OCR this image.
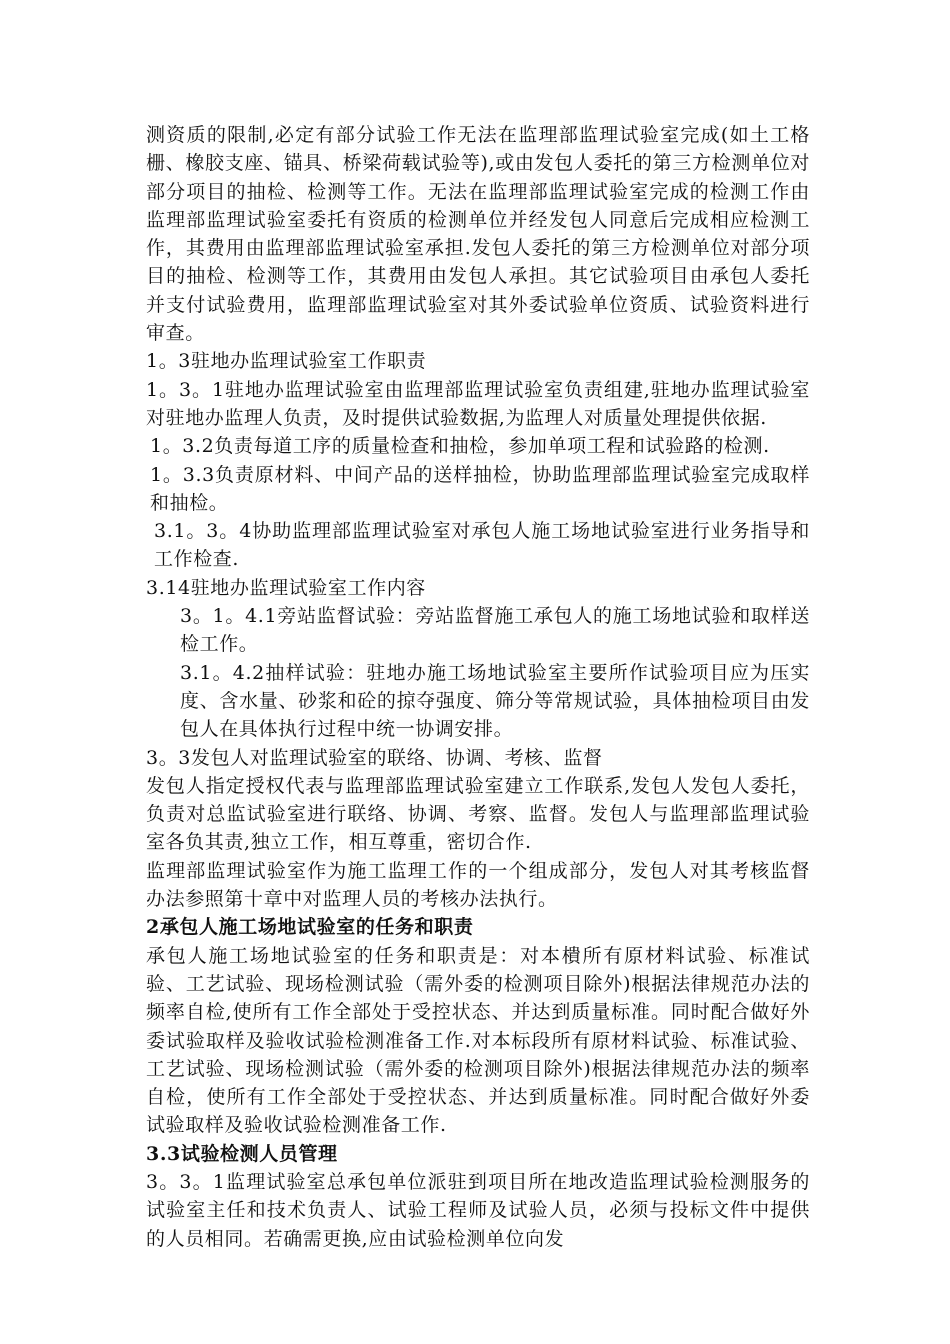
测资质的限制,必定有部分试验工作无法在监理部监理试验室完成(如土工格栅、橡胶支座、锚具、桥梁荷载试验等),或由发包人委托的第三方检测单位对部分项目的抽检、检测等工作。无法在监理部监理试验室完成的检测工作由监理部监理试验室委托有资质的检测单位并经发包人同意后完成相应检测工作，其费用由监理部监理试验室承担.发包人委托的第三方检测单位对部分项目的抽检、检测等工作，其费用由发包人承担。其它试验项目由承包人委托并支付试验费用，监理部监理试验室对其外委试验单位资质、试验资料进行审查。

1。3驻地办监理试验室工作职责

1。3。1驻地办监理试验室由监理部监理试验室负责组建,驻地办监理试验室对驻地办监理人负责，及时提供试验数据,为监理人对质量处理提供依据.

1。3.2负责每道工序的质量检查和抽检，参加单项工程和试验路的检测.

1。3.3负责原材料、中间产品的送样抽检，协助监理部监理试验室完成取样和抽检。

3.1。3。4协助监理部监理试验室对承包人施工场地试验室进行业务指导和工作检查.

3.14驻地办监理试验室工作内容

3。1。4.1旁站监督试验：旁站监督施工承包人的施工场地试验和取样送检工作。

3.1。4.2抽样试验：驻地办施工场地试验室主要所作试验项目应为压实度、含水量、砂浆和砼的掠夺强度、筛分等常规试验，具体抽检项目由发包人在具体执行过程中统一协调安排。

3。3发包人对监理试验室的联络、协调、考核、监督

发包人指定授权代表与监理部监理试验室建立工作联系,发包人发包人委托，负责对总监试验室进行联络、协调、考察、监督。发包人与监理部监理试验室各负其责,独立工作，相互尊重，密切合作.

监理部监理试验室作为施工监理工作的一个组成部分，发包人对其考核监督办法参照第十章中对监理人员的考核办法执行。

2承包人施工场地试验室的任务和职责

承包人施工场地试验室的任务和职责是：对本樻所有原材料试验、标准试验、工艺试验、现场检测试验（需外委的检测项目除外)根据法律规范办法的频率自检,使所有工作全部处于受控状态、并达到质量标准。同时配合做好外委试验取样及验收试验检测准备工作.对本标段所有原材料试验、标准试验、工艺试验、现场检测试验（需外委的检测项目除外)根据法律规范办法的频率自检，使所有工作全部处于受控状态、并达到质量标准。同时配合做好外委试验取样及验收试验检测准备工作.

3.3试验检测人员管理

3。3。1监理试验室总承包单位派驻到项目所在地改造监理试验检测服务的试验室主任和技术负责人、试验工程师及试验人员，必须与投标文件中提供的人员相同。若确需更换,应由试验检测单位向发
